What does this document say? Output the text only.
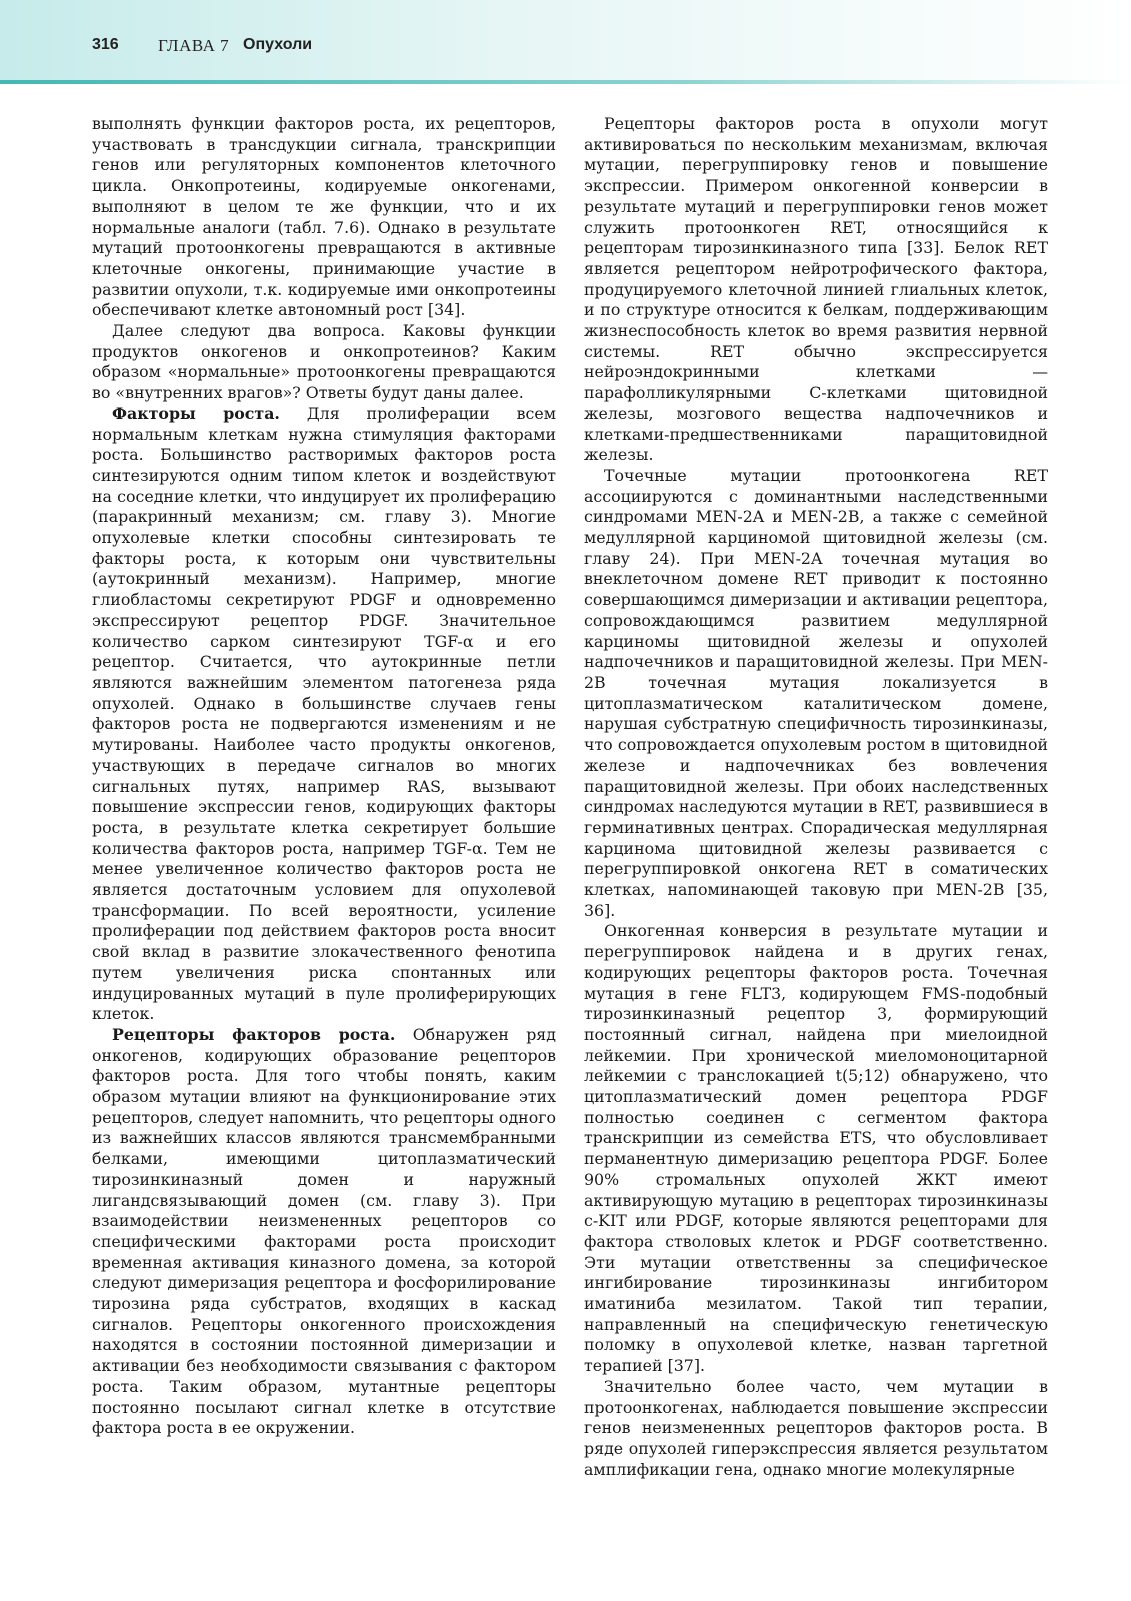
316 ГЛАВА 7 Опухоли

выполнять функции факторов роста, их рецепторов, участвовать в трансдукции сигнала, транскрипции генов или регуляторных компонентов клеточного цикла. Онкопротеины, кодируемые онкогенами, выполняют в целом те же функции, что и их нормальные аналоги (табл. 7.6). Однако в результате мутаций протоонкогены превращаются в активные клеточные онкогены, принимающие участие в развитии опухоли, т.к. кодируемые ими онкопротеины обеспечивают клетке автономный рост [34].

Далее следуют два вопроса. Каковы функции продуктов онкогенов и онкопротеинов? Каким образом «нормальные» протоонкогены превращаются во «внутренних врагов»? Ответы будут даны далее.

Факторы роста. Для пролиферации всем нормальным клеткам нужна стимуляция факторами роста. Большинство растворимых факторов роста синтезируются одним типом клеток и воздействуют на соседние клетки, что индуцирует их пролиферацию (паракринный механизм; см. главу 3). Многие опухолевые клетки способны синтезировать те факторы роста, к которым они чувствительны (аутокринный механизм). Например, многие глиобластомы секретируют PDGF и одновременно экспрессируют рецептор PDGF. Значительное количество сарком синтезируют TGF-α и его рецептор. Считается, что аутокринные петли являются важнейшим элементом патогенеза ряда опухолей. Однако в большинстве случаев гены факторов роста не подвергаются изменениям и не мутированы. Наиболее часто продукты онкогенов, участвующих в передаче сигналов во многих сигнальных путях, например RAS, вызывают повышение экспрессии генов, кодирующих факторы роста, в результате клетка секретирует большие количества факторов роста, например TGF-α. Тем не менее увеличенное количество факторов роста не является достаточным условием для опухолевой трансформации. По всей вероятности, усиление пролиферации под действием факторов роста вносит свой вклад в развитие злокачественного фенотипа путем увеличения риска спонтанных или индуцированных мутаций в пуле пролиферирующих клеток.

Рецепторы факторов роста. Обнаружен ряд онкогенов, кодирующих образование рецепторов факторов роста. Для того чтобы понять, каким образом мутации влияют на функционирование этих рецепторов, следует напомнить, что рецепторы одного из важнейших классов являются трансмембранными белками, имеющими цитоплазматический тирозинкиназный домен и наружный лигандсвязывающий домен (см. главу 3). При взаимодействии неизмененных рецепторов со специфическими факторами роста происходит временная активация киназного домена, за которой следуют димеризация рецептора и фосфорилирование тирозина ряда субстратов, входящих в каскад сигналов. Рецепторы онкогенного происхождения находятся в состоянии постоянной димеризации и активации без необходимости связывания с фактором роста. Таким образом, мутантные рецепторы постоянно посылают сигнал клетке в отсутствие фактора роста в ее окружении.

Рецепторы факторов роста в опухоли могут активироваться по нескольким механизмам, включая мутации, перегруппировку генов и повышение экспрессии. Примером онкогенной конверсии в результате мутаций и перегруппировки генов может служить протоонкоген RET, относящийся к рецепторам тирозинкиназного типа [33]. Белок RET является рецептором нейротрофического фактора, продуцируемого клеточной линией глиальных клеток, и по структуре относится к белкам, поддерживающим жизнеспособность клеток во время развития нервной системы. RET обычно экспрессируется нейроэндокринными клетками — парафолликулярными С-клетками щитовидной железы, мозгового вещества надпочечников и клетками-предшественниками паращитовидной железы.

Точечные мутации протоонкогена RET ассоциируются с доминантными наследственными синдромами MEN-2A и MEN-2B, а также с семейной медуллярной карциномой щитовидной железы (см. главу 24). При MEN-2A точечная мутация во внеклеточном домене RET приводит к постоянно совершающимся димеризации и активации рецептора, сопровождающимся развитием медуллярной карциномы щитовидной железы и опухолей надпочечников и паращитовидной железы. При MEN-2B точечная мутация локализуется в цитоплазматическом каталитическом домене, нарушая субстратную специфичность тирозинкиназы, что сопровождается опухолевым ростом в щитовидной железе и надпочечниках без вовлечения паращитовидной железы. При обоих наследственных синдромах наследуются мутации в RET, развившиеся в герминативных центрах. Спорадическая медуллярная карцинома щитовидной железы развивается с перегруппировкой онкогена RET в соматических клетках, напоминающей таковую при MEN-2B [35, 36].

Онкогенная конверсия в результате мутации и перегруппировок найдена и в других генах, кодирующих рецепторы факторов роста. Точечная мутация в гене FLT3, кодирующем FMS-подобный тирозинкиназный рецептор 3, формирующий постоянный сигнал, найдена при миелоидной лейкемии. При хронической миеломоноцитарной лейкемии с транслокацией t(5;12) обнаружено, что цитоплазматический домен рецептора PDGF полностью соединен с сегментом фактора транскрипции из семейства ETS, что обусловливает перманентную димеризацию рецептора PDGF. Более 90% стромальных опухолей ЖКТ имеют активирующую мутацию в рецепторах тирозинкиназы c-KIT или PDGF, которые являются рецепторами для фактора стволовых клеток и PDGF соответственно. Эти мутации ответственны за специфическое ингибирование тирозинкиназы ингибитором иматиниба мезилатом. Такой тип терапии, направленный на специфическую генетическую поломку в опухолевой клетке, назван таргетной терапией [37].

Значительно более часто, чем мутации в протоонкогенах, наблюдается повышение экспрессии генов неизмененных рецепторов факторов роста. В ряде опухолей гиперэкспрессия является результатом амплификации гена, однако многие молекулярные
